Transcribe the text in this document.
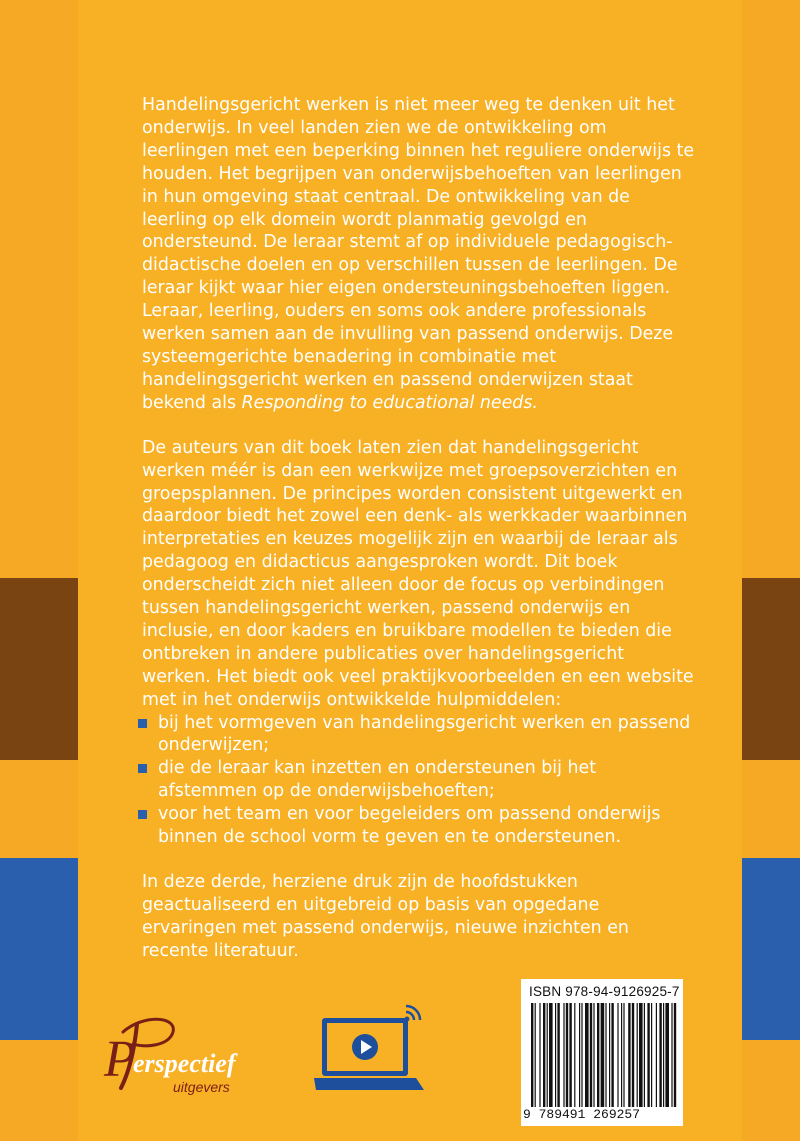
Handelingsgericht werken is niet meer weg te denken uit het onderwijs. In veel landen zien we de ontwikkeling om leerlingen met een beperking binnen het reguliere onderwijs te houden. Het begrijpen van onderwijsbehoeften van leerlingen in hun omgeving staat centraal. De ontwikkeling van de leerling op elk domein wordt planmatig gevolgd en ondersteund. De leraar stemt af op individuele pedagogisch-didactische doelen en op verschillen tussen de leerlingen. De leraar kijkt waar hier eigen ondersteuningsbehoeften liggen. Leraar, leerling, ouders en soms ook andere professionals werken samen aan de invulling van passend onderwijs. Deze systeemgerichte benadering in combinatie met handelingsgericht werken en passend onderwijzen staat bekend als Responding to educational needs.

De auteurs van dit boek laten zien dat handelingsgericht werken méér is dan een werkwijze met groepsoverzichten en groepsplannen. De principes worden consistent uitgewerkt en daardoor biedt het zowel een denk- als werkkader waarbinnen interpretaties en keuzes mogelijk zijn en waarbij de leraar als pedagoog en didacticus aangesproken wordt. Dit boek onderscheidt zich niet alleen door de focus op verbindingen tussen handelingsgericht werken, passend onderwijs en inclusie, en door kaders en bruikbare modellen te bieden die ontbreken in andere publicaties over handelingsgericht werken. Het biedt ook veel praktijkvoorbeelden en een website met in het onderwijs ontwikkelde hulpmiddelen:

bij het vormgeven van handelingsgericht werken en passend onderwijzen;
die de leraar kan inzetten en ondersteunen bij het afstemmen op de onderwijsbehoeften;
voor het team en voor begeleiders om passend onderwijs binnen de school vorm te geven en te ondersteunen.

In deze derde, herziene druk zijn de hoofdstukken geactualiseerd en uitgebreid op basis van opgedane ervaringen met passend onderwijs, nieuwe inzichten en recente literatuur.

P
erspectief
uitgevers
ISBN 978-94-9126925-7
9 789491 269257
